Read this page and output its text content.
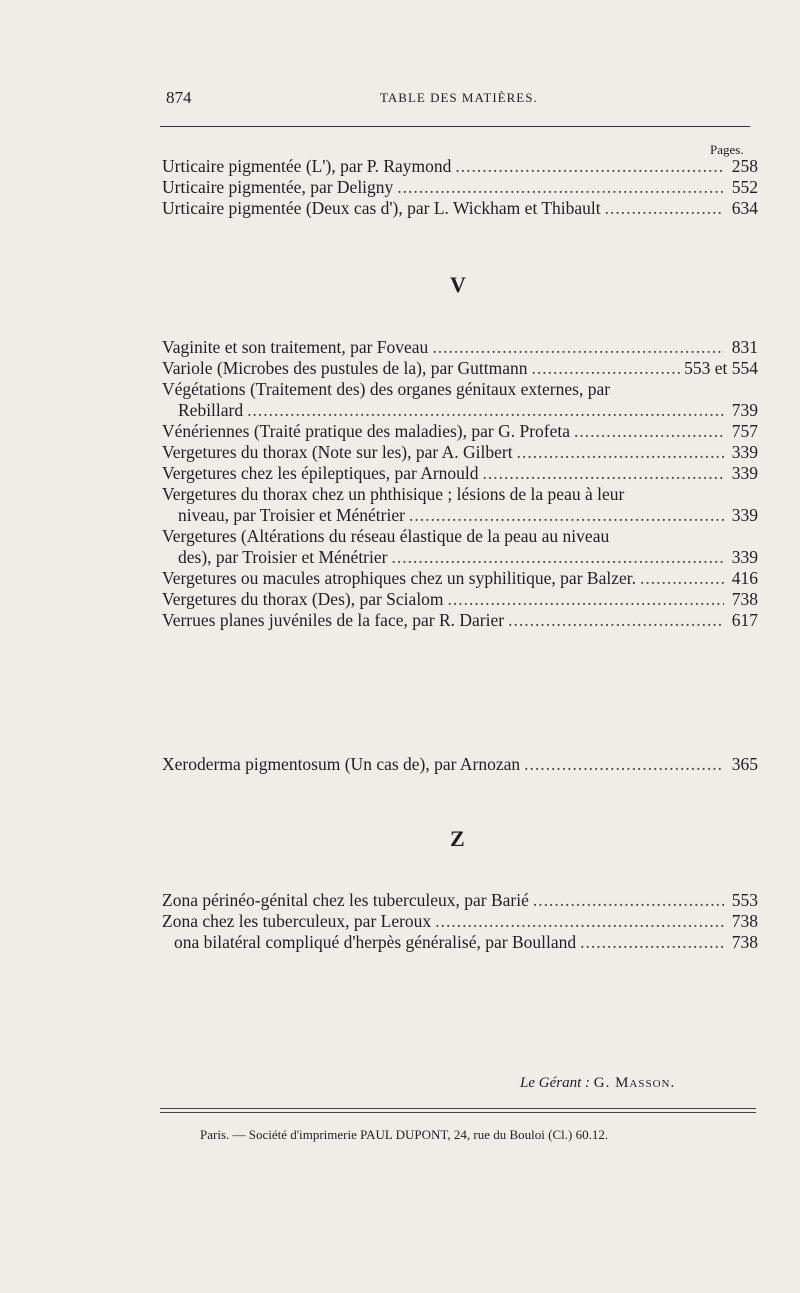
874	TABLE DES MATIÈRES.
Pages.
Urticaire pigmentée (L'), par P. Raymond .....	258
Urticaire pigmentée, par Deligny .....	552
Urticaire pigmentée (Deux cas d'), par L. Wickham et Thibault .....	634
V
Vaginite et son traitement, par Foveau .....	831
Variole (Microbes des pustules de la), par Guttmann .....	553 et 554
Végétations (Traitement des) des organes génitaux externes, par
Rebillard .....	739
Vénériennes (Traité pratique des maladies), par G. Profeta .....	757
Vergetures du thorax (Note sur les), par A. Gilbert .....	339
Vergetures chez les épileptiques, par Arnould .....	339
Vergetures du thorax chez un phthisique ; lésions de la peau à leur
niveau, par Troisier et Ménétrier .....	339
Vergetures (Altérations du réseau élastique de la peau au niveau
des), par Troisier et Ménétrier .....	339
Vergetures ou macules atrophiques chez un syphilitique, par Balzer. .....	416
Vergetures du thorax (Des), par Scialom .....	738
Verrues planes juvéniles de la face, par R. Darier .....	617
Xeroderma pigmentosum (Un cas de), par Arnozan .....	365
Z
Zona périnéo-génital chez les tuberculeux, par Barié .....	553
Zona chez les tuberculeux, par Leroux .....	738
ona bilatéral compliqué d'herpès généralisé, par Boulland .....	738
Le Gérant : G. Masson.
Paris. — Société d'imprimerie PAUL DUPONT, 24, rue du Bouloi (Cl.) 60.12.
